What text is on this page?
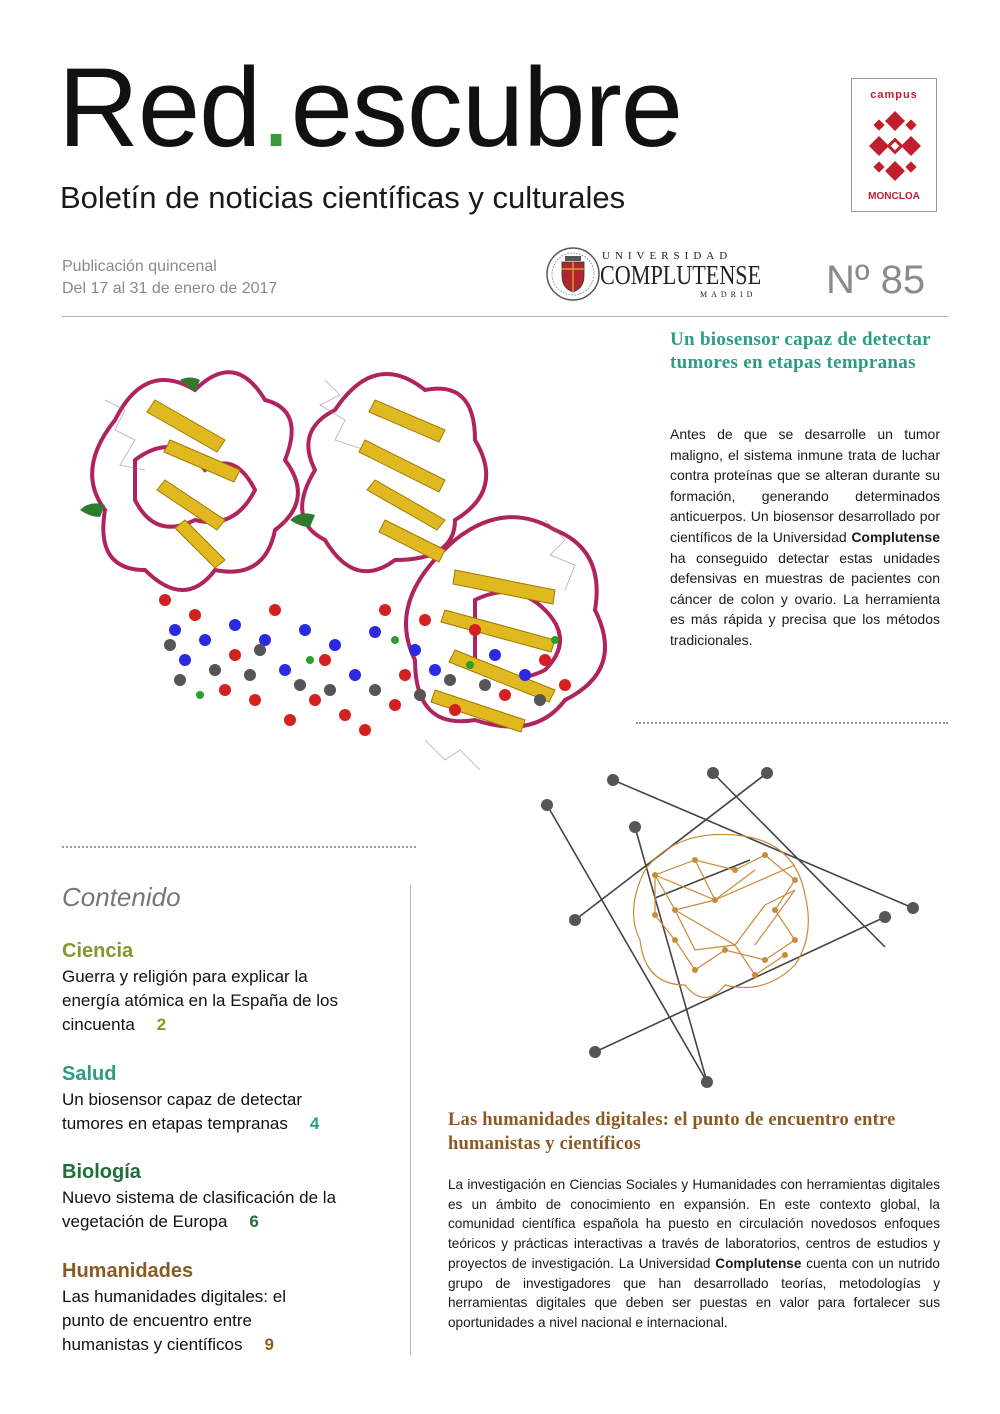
Red.escubre
Boletín de noticias científicas y culturales
Publicación quincenal
Del 17 al 31 de enero de 2017	Nº 85
UNIVERSIDAD
COMPLUTENSE
MADRID
campus
MONCLOA
Un biosensor capaz de detectar tumores en etapas tempranas
Antes de que se desarrolle un tumor maligno, el sistema inmune trata de luchar contra proteínas que se alteran durante su formación, generando determinados anticuerpos. Un biosensor desarrollado por científicos de la Universidad Complutense ha conseguido detectar estas unidades defensivas en muestras de pacientes con cáncer de colon y ovario. La herramienta es más rápida y precisa que los métodos tradicionales.
Contenido
Ciencia
Guerra y religión para explicar la energía atómica en la España de los cincuenta 2
Salud
Un biosensor capaz de detectar tumores en etapas tempranas 4
Biología
Nuevo sistema de clasificación de la vegetación de Europa 6
Humanidades
Las humanidades digitales: el punto de encuentro entre humanistas y científicos 9
Las humanidades digitales: el punto de encuentro entre humanistas y científicos
La investigación en Ciencias Sociales y Humanidades con herramientas digitales es un ámbito de conocimiento en expansión. En este contexto global, la comunidad científica española ha puesto en circulación novedosos enfoques teóricos y prácticas interactivas a través de laboratorios, centros de estudios y proyectos de investigación. La Universidad Complutense cuenta con un nutrido grupo de investigadores que han desarrollado teorías, metodologías y herramientas digitales que deben ser puestas en valor para fortalecer sus oportunidades a nivel nacional e internacional.
